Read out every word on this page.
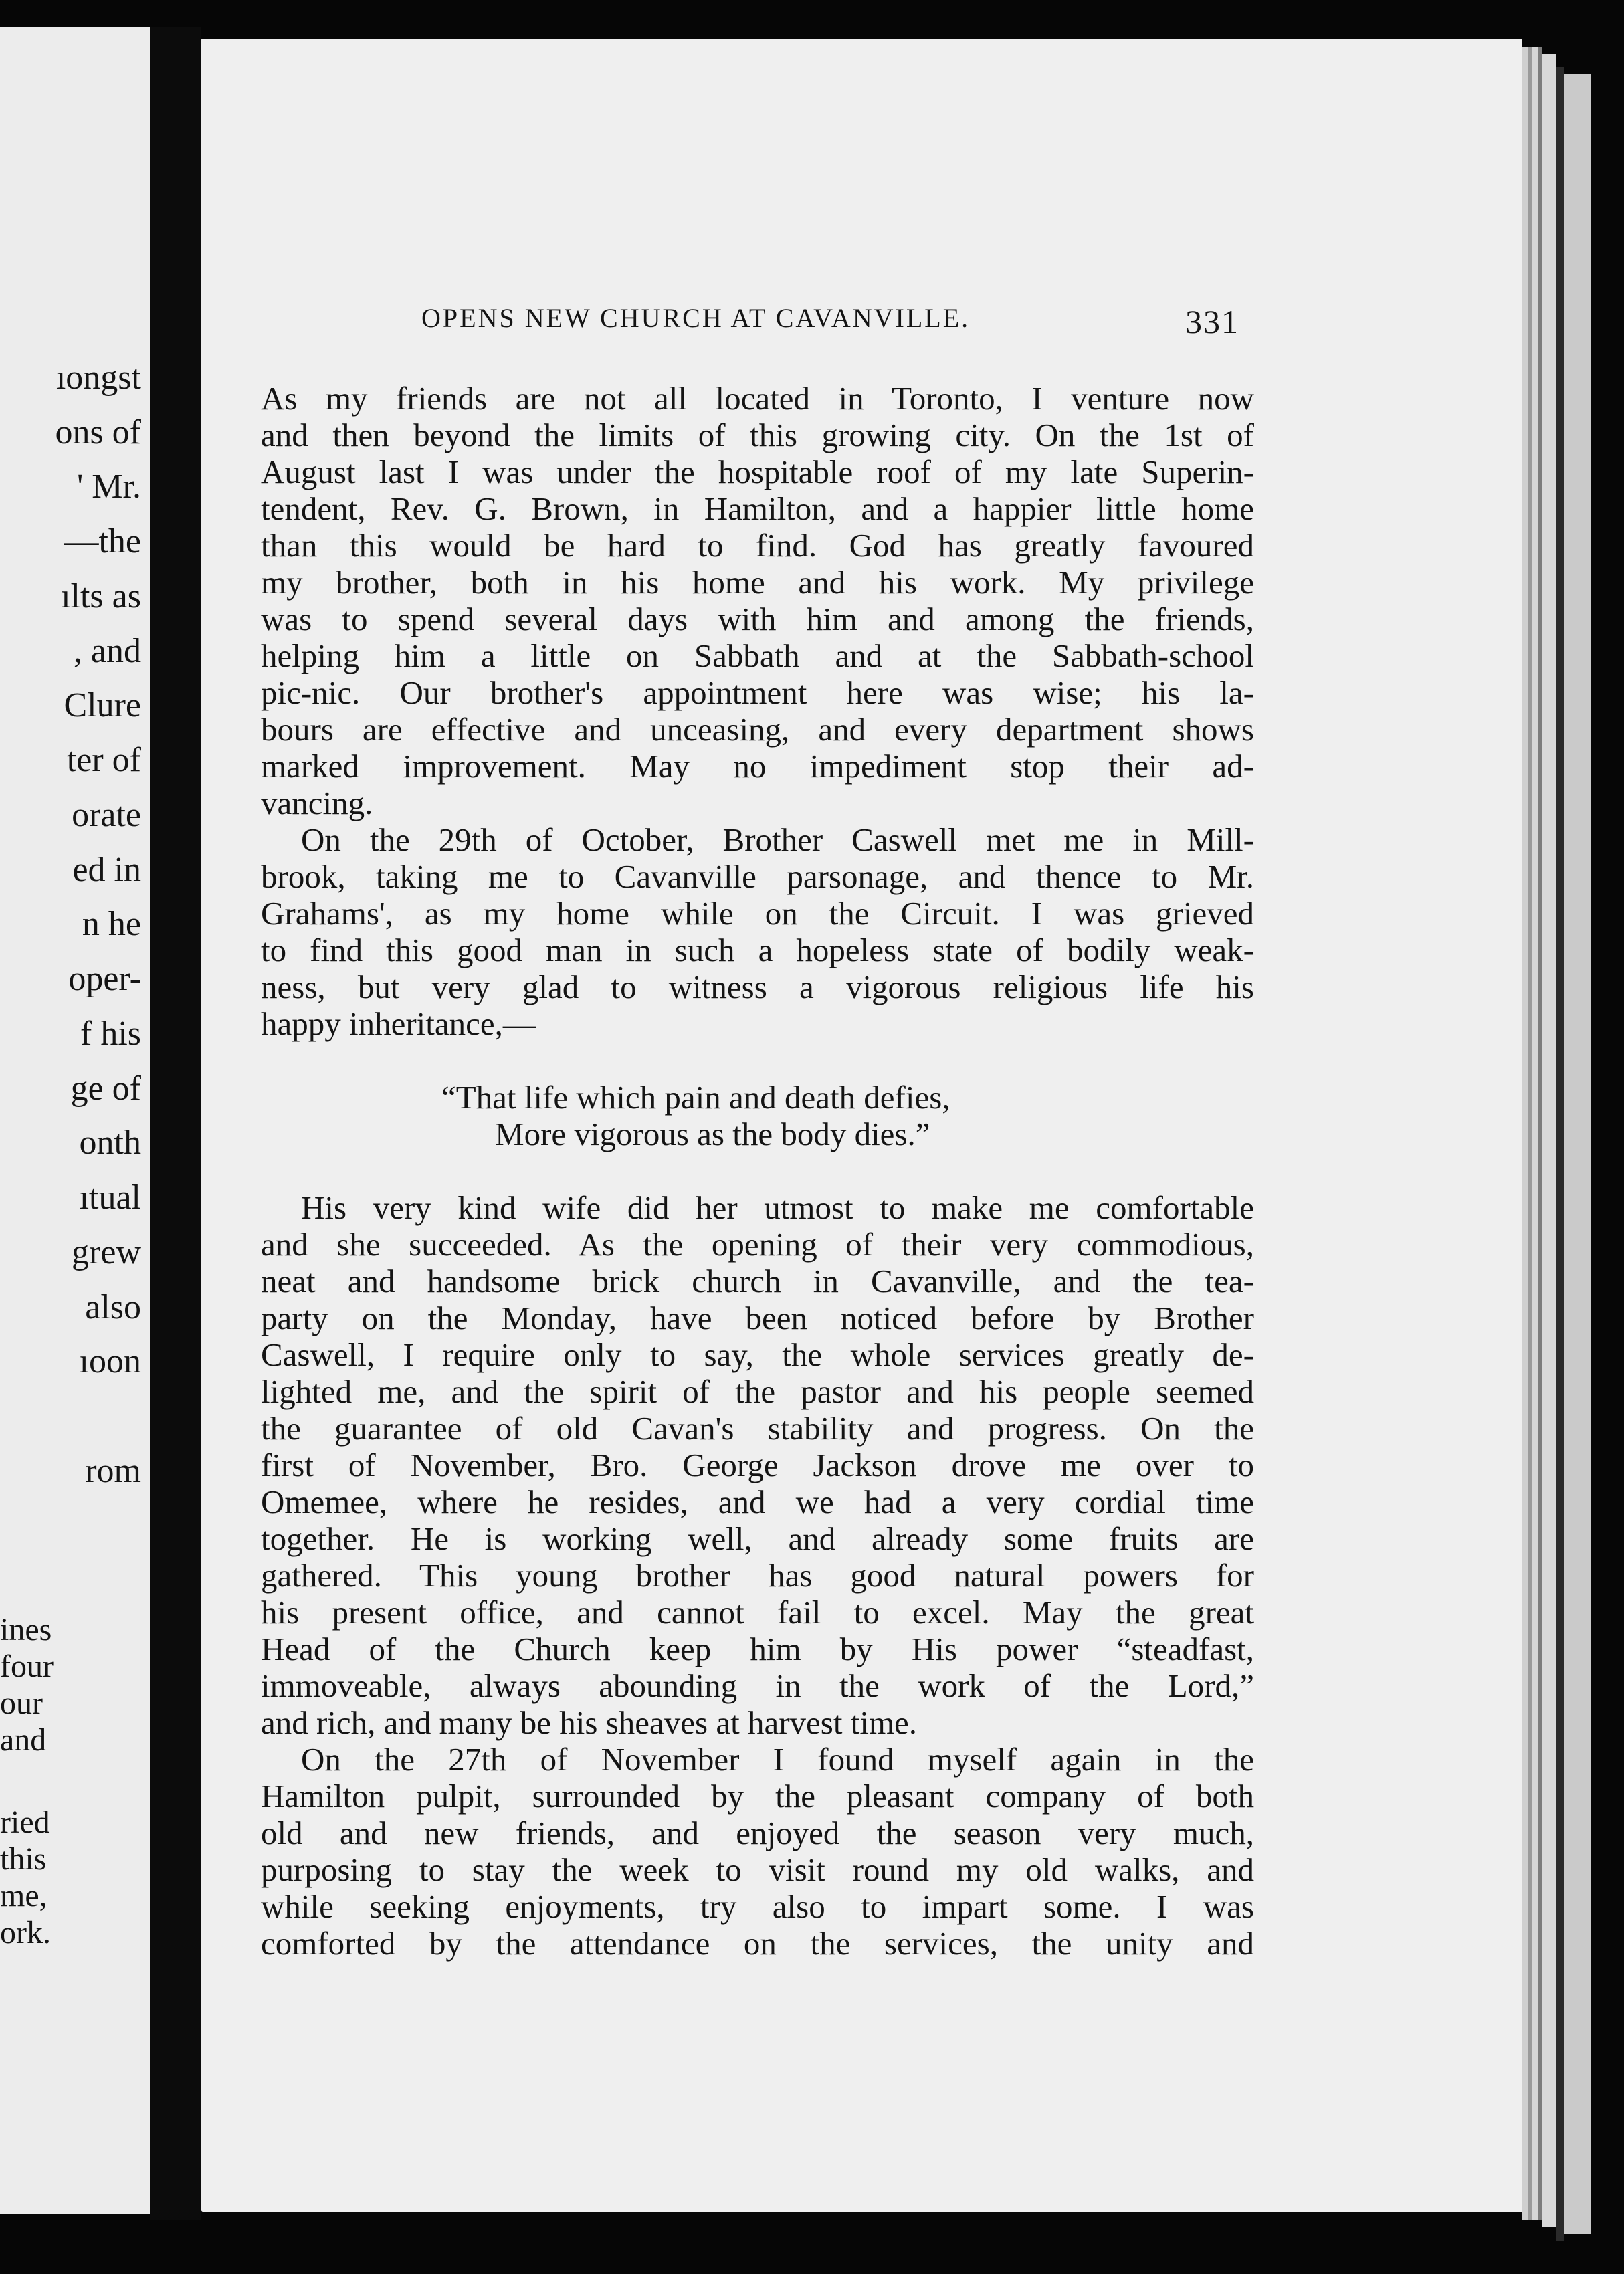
ıongst
ons of
' Mr.
—the
ılts as
, and
Clure
ter of
orate
ed in
n he
oper-
f his
ge of
onth
ıtual
grew
also
ıoon
rom
ines
four
our
and
ried
this
me,
ork.
OPENS NEW CHURCH AT CAVANVILLE.	331
As my friends are not all located in Toronto, I venture now
and then beyond the limits of this growing city. On the 1st of
August last I was under the hospitable roof of my late Superin-
tendent, Rev. G. Brown, in Hamilton, and a happier little home
than this would be hard to find. God has greatly favoured
my brother, both in his home and his work. My privilege
was to spend several days with him and among the friends,
helping him a little on Sabbath and at the Sabbath-school
pic-nic. Our brother's appointment here was wise; his la-
bours are effective and unceasing, and every department shows
marked improvement. May no impediment stop their ad-
vancing.
On the 29th of October, Brother Caswell met me in Mill-
brook, taking me to Cavanville parsonage, and thence to Mr.
Grahams', as my home while on the Circuit. I was grieved
to find this good man in such a hopeless state of bodily weak-
ness, but very glad to witness a vigorous religious life his
happy inheritance,—
“That life which pain and death defies,
More vigorous as the body dies.”
His very kind wife did her utmost to make me comfortable
and she succeeded. As the opening of their very commodious,
neat and handsome brick church in Cavanville, and the tea-
party on the Monday, have been noticed before by Brother
Caswell, I require only to say, the whole services greatly de-
lighted me, and the spirit of the pastor and his people seemed
the guarantee of old Cavan's stability and progress. On the
first of November, Bro. George Jackson drove me over to
Omemee, where he resides, and we had a very cordial time
together. He is working well, and already some fruits are
gathered. This young brother has good natural powers for
his present office, and cannot fail to excel. May the great
Head of the Church keep him by His power “steadfast,
immoveable, always abounding in the work of the Lord,”
and rich, and many be his sheaves at harvest time.
On the 27th of November I found myself again in the
Hamilton pulpit, surrounded by the pleasant company of both
old and new friends, and enjoyed the season very much,
purposing to stay the week to visit round my old walks, and
while seeking enjoyments, try also to impart some. I was
comforted by the attendance on the services, the unity and
